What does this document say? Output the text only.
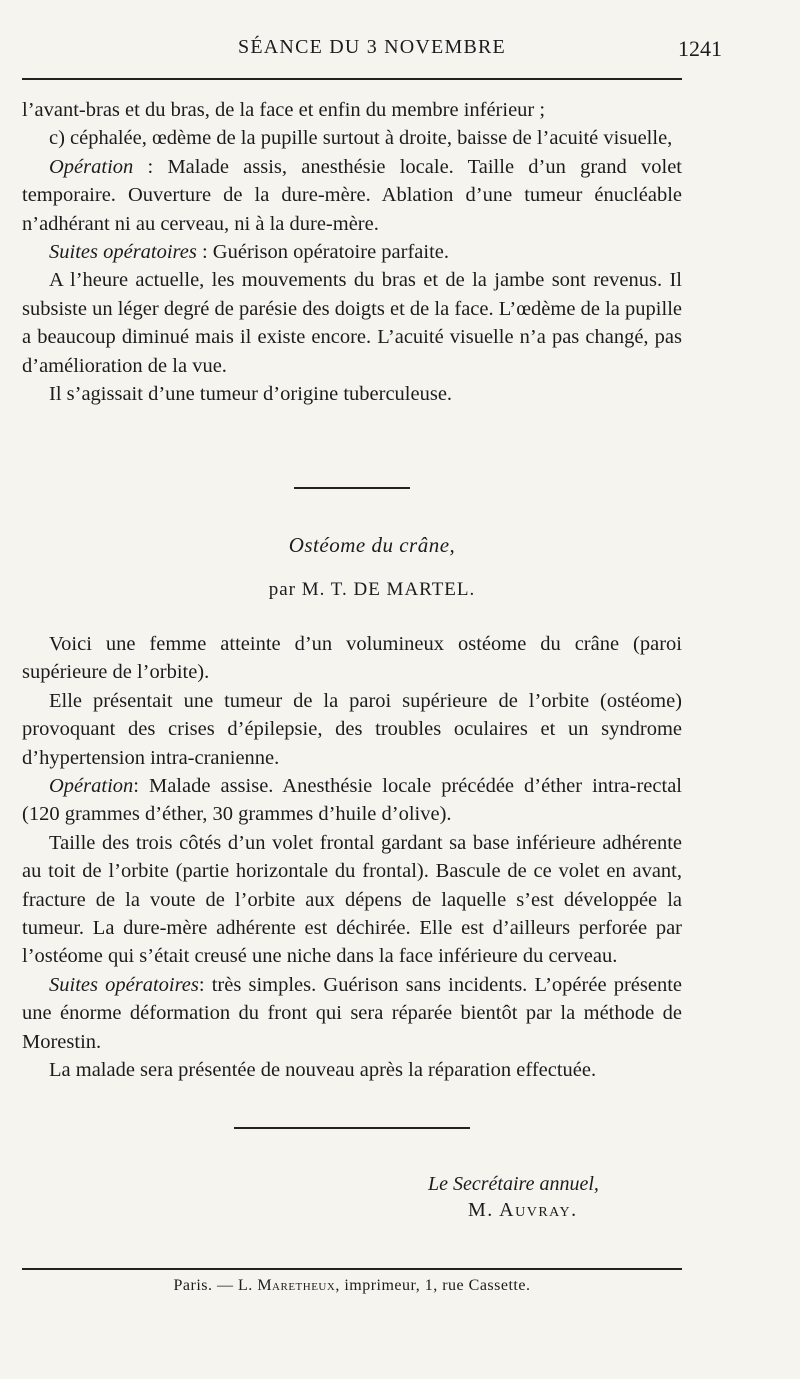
SÉANCE DU 3 NOVEMBRE	1241

l’avant-bras et du bras, de la face et enfin du membre inférieur ;

c) céphalée, œdème de la pupille surtout à droite, baisse de l’acuité visuelle,

Opération : Malade assis, anesthésie locale. Taille d’un grand volet temporaire. Ouverture de la dure-mère. Ablation d’une tumeur énucléable n’adhérant ni au cerveau, ni à la dure-mère.

Suites opératoires : Guérison opératoire parfaite.

A l’heure actuelle, les mouvements du bras et de la jambe sont revenus. Il subsiste un léger degré de parésie des doigts et de la face. L’œdème de la pupille a beaucoup diminué mais il existe encore. L’acuité visuelle n’a pas changé, pas d’amélioration de la vue.

Il s’agissait d’une tumeur d’origine tuberculeuse.

Ostéome du crâne,
par M. T. DE MARTEL.

Voici une femme atteinte d’un volumineux ostéome du crâne (paroi supérieure de l’orbite).

Elle présentait une tumeur de la paroi supérieure de l’orbite (ostéome) provoquant des crises d’épilepsie, des troubles oculaires et un syndrome d’hypertension intra-cranienne.

Opération: Malade assise. Anesthésie locale précédée d’éther intra-rectal (120 grammes d’éther, 30 grammes d’huile d’olive).

Taille des trois côtés d’un volet frontal gardant sa base inférieure adhérente au toit de l’orbite (partie horizontale du frontal). Bascule de ce volet en avant, fracture de la voute de l’orbite aux dépens de laquelle s’est développée la tumeur. La dure-mère adhérente est déchirée. Elle est d’ailleurs perforée par l’ostéome qui s’était creusé une niche dans la face inférieure du cerveau.

Suites opératoires: très simples. Guérison sans incidents. L’opérée présente une énorme déformation du front qui sera réparée bientôt par la méthode de Morestin.

La malade sera présentée de nouveau après la réparation effectuée.

Le Secrétaire annuel,
M. Auvray.
Paris. — L. Maretheux, imprimeur, 1, rue Cassette.
